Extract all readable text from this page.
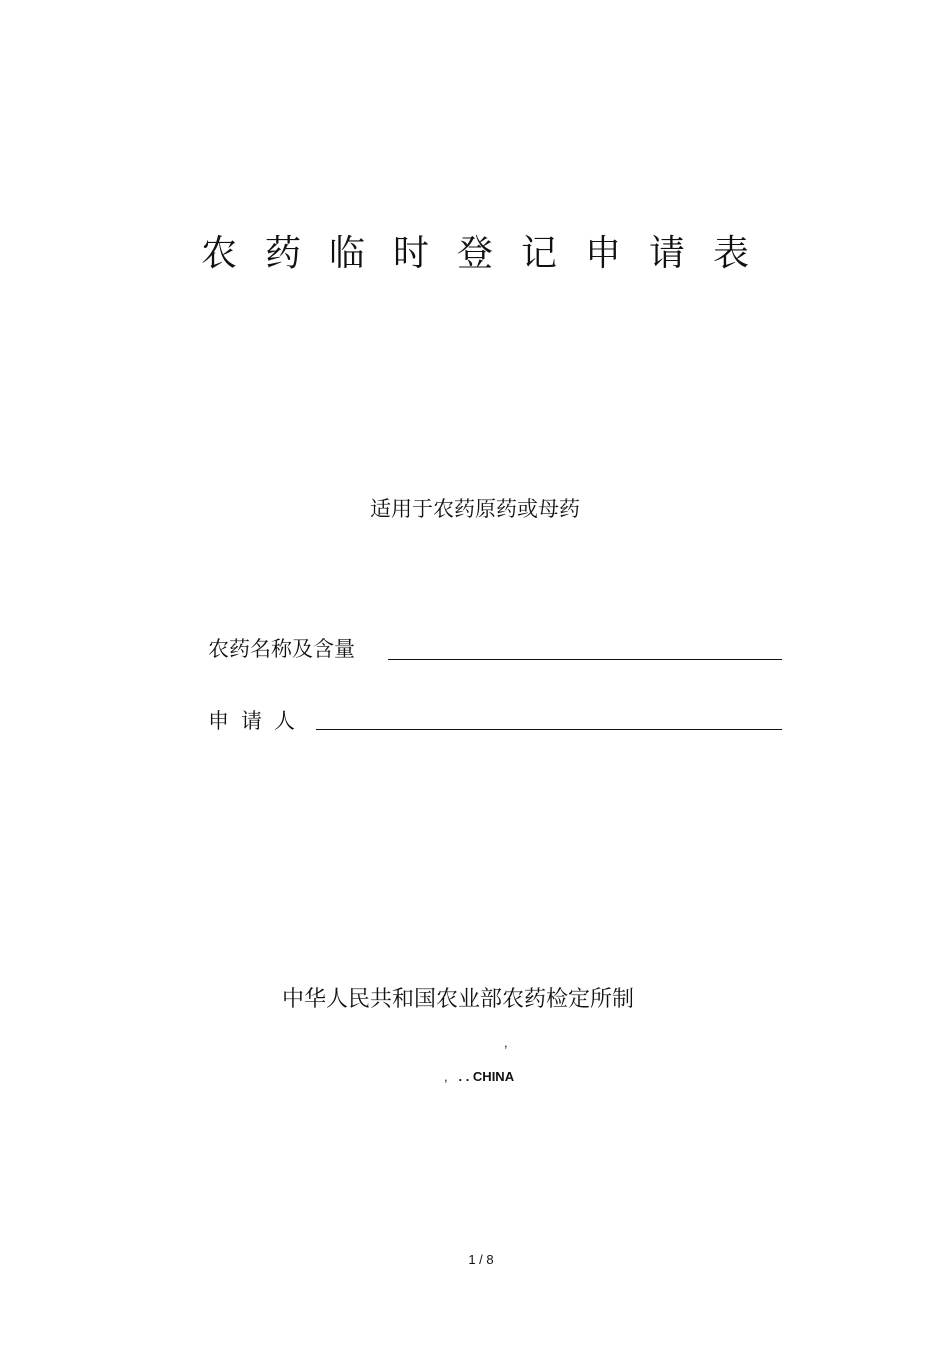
农药临时登记申请表
适用于农药原药或母药
农药名称及含量
申请人
中华人民共和国农业部农药检定所制
,
, . . CHINA
1 / 8
